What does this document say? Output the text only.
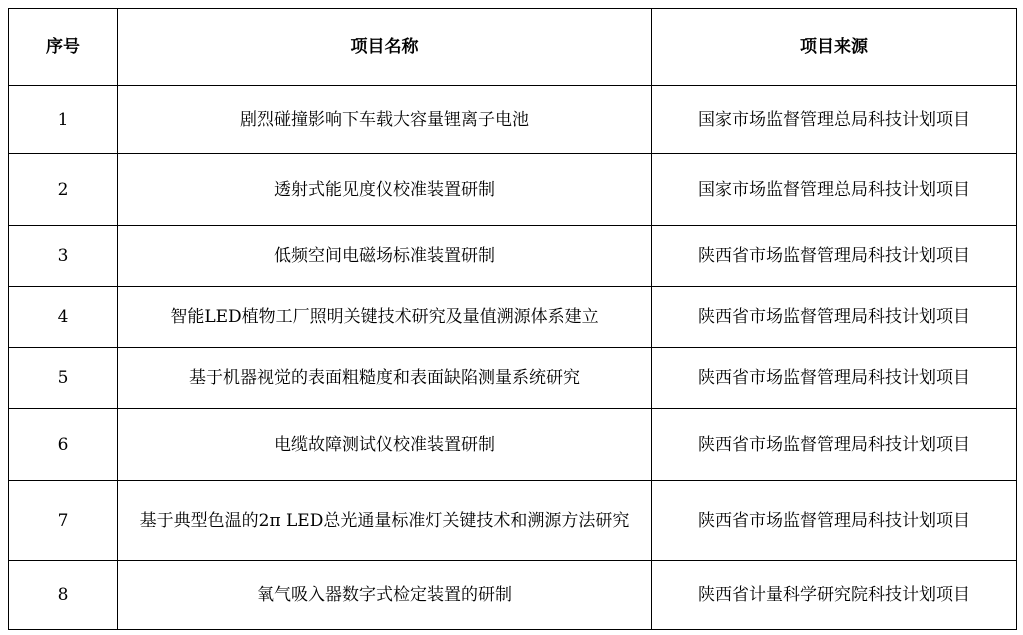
序号	项目名称	项目来源
1	剧烈碰撞影响下车载大容量锂离子电池	国家市场监督管理总局科技计划项目
2	透射式能见度仪校准装置研制	国家市场监督管理总局科技计划项目
3	低频空间电磁场标准装置研制	陕西省市场监督管理局科技计划项目
4	智能LED植物工厂照明关键技术研究及量值溯源体系建立	陕西省市场监督管理局科技计划项目
5	基于机器视觉的表面粗糙度和表面缺陷测量系统研究	陕西省市场监督管理局科技计划项目
6	电缆故障测试仪校准装置研制	陕西省市场监督管理局科技计划项目
7	基于典型色温的2π LED总光通量标准灯关键技术和溯源方法研究	陕西省市场监督管理局科技计划项目
8	氧气吸入器数字式检定装置的研制	陕西省计量科学研究院科技计划项目
